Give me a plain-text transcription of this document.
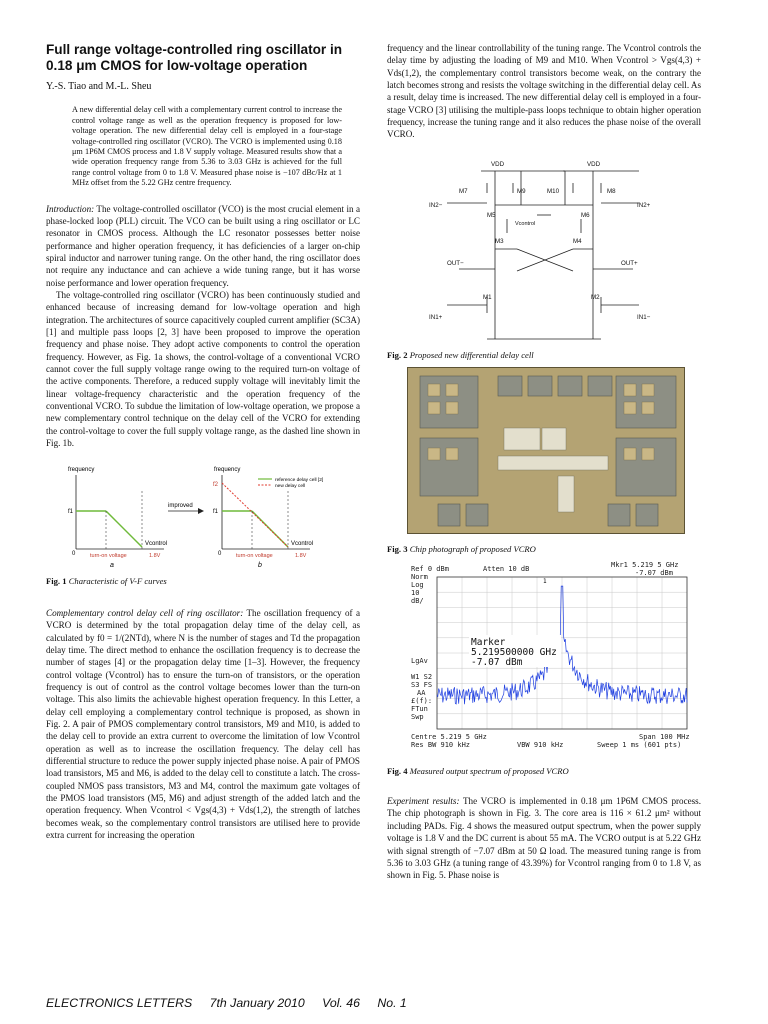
Full range voltage-controlled ring oscillator in 0.18 μm CMOS for low-voltage operation
Y.-S. Tiao and M.-L. Sheu
A new differential delay cell with a complementary current control to increase the control voltage range as well as the operation frequency is proposed for low-voltage operation. The new differential delay cell is employed in a four-stage voltage-controlled ring oscillator (VCRO). The VCRO is implemented using 0.18 μm 1P6M CMOS process and 1.8 V supply voltage. Measured results show that a wide operation frequency range from 5.36 to 3.03 GHz is achieved for the full range control voltage from 0 to 1.8 V. Measured phase noise is −107 dBc/Hz at 1 MHz offset from the 5.22 GHz centre frequency.

Introduction: The voltage-controlled oscillator (VCO) is the most crucial element in a phase-locked loop (PLL) circuit. The VCO can be built using a ring oscillator or LC resonator in CMOS process. Although the LC resonator possesses better noise performance and higher operation frequency, it has deficiencies of a larger on-chip spiral inductor and narrower tuning range. On the other hand, the ring oscillator does not require any inductance and can achieve a wide tuning range, but it has worse noise performance and lower operation frequency.

The voltage-controlled ring oscillator (VCRO) has been continuously studied and enhanced because of increasing demand for low-voltage operation and high integration. The architectures of source capacitively coupled current amplifier (SC3A) [1] and multiple pass loops [2, 3] have been proposed to improve the operation frequency and phase noise. They adopt active components to control the operation frequency. However, as Fig. 1a shows, the control-voltage of a conventional VCRO cannot cover the full supply voltage range owing to the required turn-on voltage of the active components. Therefore, a reduced supply voltage will inevitably limit the linear voltage-frequency characteristic and the operation frequency of the conventional VCRO. To subdue the limitation of low-voltage operation, we propose a new complementary control technique on the delay cell of the VCRO for extending the control-voltage to cover the full supply voltage range, as the dashed line shown in Fig. 1b.

frequency
f1
Vcontrol
0	turn-on voltage	1.8V
a
improved
frequency
f2
f1
reference delay cell [2]
new delay cell
Vcontrol
0	turn-on voltage	1.8V
b
Fig. 1 Characteristic of V-F curves

Complementary control delay cell of ring oscillator: The oscillation frequency of a VCRO is determined by the total propagation delay time of the delay cell, as calculated by f0 = 1/(2NTd), where N is the number of stages and Td the propagation delay time. The direct method to enhance the oscillation frequency is to decrease the number of stages [4] or the propagation delay time [1–3]. However, the frequency control voltage (Vcontrol) has to ensure the turn-on of transistors, or the operation frequency is out of control as the control voltage becomes lower than the turn-on voltage. This also limits the achievable highest operation frequency. In this Letter, a delay cell employing a complementary control technique is proposed, as shown in Fig. 2. A pair of PMOS complementary control transistors, M9 and M10, is added to the delay cell to provide an extra current to overcome the limitation of low Vcontrol operation as well as to increase the oscillation frequency. The delay cell has differential structure to reduce the power supply injected phase noise. A pair of PMOS load transistors, M5 and M6, is added to the delay cell to constitute a latch. The cross-coupled NMOS pass transistors, M3 and M4, control the maximum gate voltages of the PMOS load transistors (M5, M6) and adjust strength of the added latch and the operation frequency. When Vcontrol < Vgs(4,3) + Vds(1,2), the strength of latches becomes weak, so the complementary control transistors are utilised here to provide extra current for increasing the operation

frequency and the linear controllability of the tuning range. The Vcontrol controls the delay time by adjusting the loading of M9 and M10. When Vcontrol > Vgs(4,3) + Vds(1,2), the complementary control transistors become weak, on the contrary the latch becomes strong and resists the voltage switching in the differential delay cell. As a result, delay time is increased. The new differential delay cell is employed in a four-stage VCRO [3] utilising the multiple-pass loops technique to obtain higher operation frequency, increase the tuning range and it also reduces the phase noise of the overall VCRO.

VDD	VDD
M7	M9	M10	M8
IN2−
M5	M6
IN2+
Vcontrol
M3	M4
OUT−	OUT+
M1	M2
IN1+	IN1−
Fig. 2 Proposed new differential delay cell
Fig. 3 Chip photograph of proposed VCRO
Ref 0 dBm	Atten 10 dB	Mkr1 5.219 5 GHz
-7.07 dBm
Norm
Log
10
dB/
LgAv
W1 S2
S3 FS
AA
£(f):
FTun
Swp
Centre 5.219 5 GHz
Res BW 910 kHz	VBW 910 kHz
Span 100 MHz
Sweep 1 ms (601 pts)
1
Marker
5.219500000 GHz
-7.07 dBm
Fig. 4 Measured output spectrum of proposed VCRO

Experiment results: The VCRO is implemented in 0.18 μm 1P6M CMOS process. The chip photograph is shown in Fig. 3. The core area is 116 × 61.2 μm² without including PADs. Fig. 4 shows the measured output spectrum, when the power supply voltage is 1.8 V and the DC current is about 55 mA. The VCRO output is at 5.22 GHz with signal strength of −7.07 dBm at 50 Ω load. The measured tuning range is from 5.36 to 3.03 GHz (a tuning range of 43.39%) for Vcontrol ranging from 0 to 1.8 V, as shown in Fig. 5. Phase noise is

ELECTRONICS LETTERS 7th January 2010 Vol. 46 No. 1
